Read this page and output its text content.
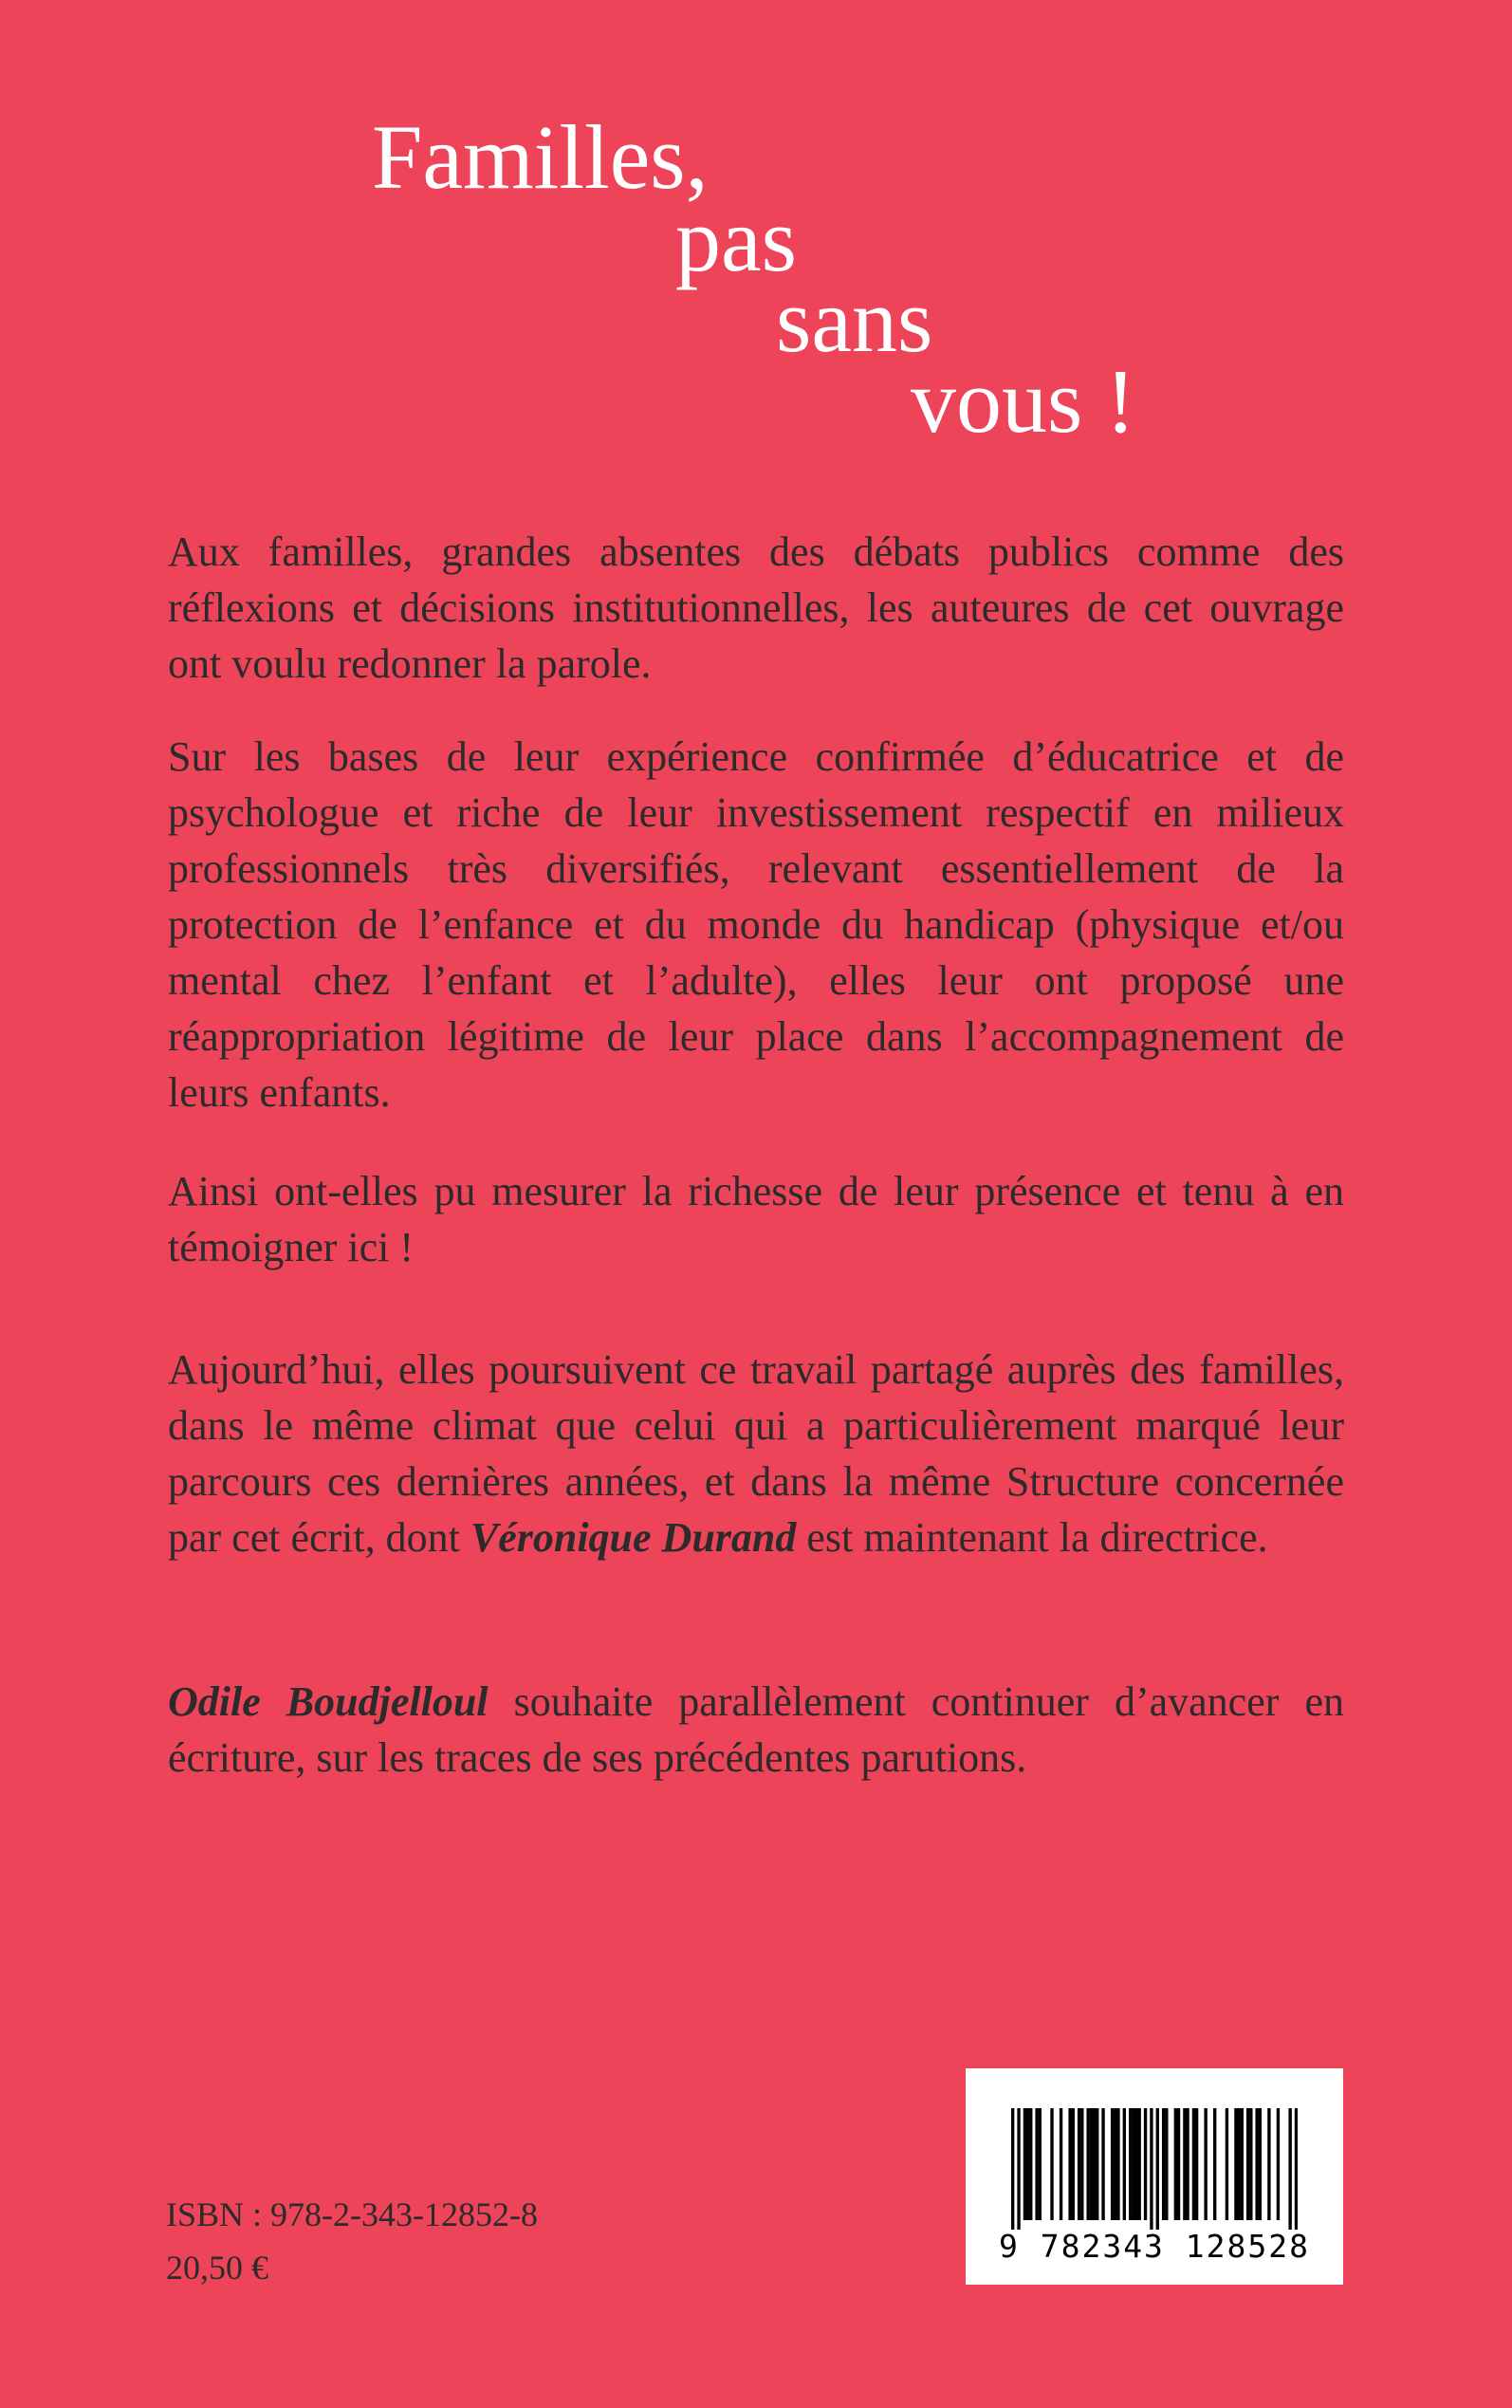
Familles,
pas
sans
vous !

Aux familles, grandes absentes des débats publics comme des réflexions et décisions institutionnelles, les auteures de cet ouvrage ont voulu redonner la parole.

Sur les bases de leur expérience confirmée d’éducatrice et de psychologue et riche de leur investissement respectif en milieux professionnels très diversifiés, relevant essentiellement de la protection de l’enfance et du monde du handicap (physique et/ou mental chez l’enfant et l’adulte), elles leur ont proposé une réappropriation légitime de leur place dans l’accompagnement de leurs enfants.

Ainsi ont-elles pu mesurer la richesse de leur présence et tenu à en témoigner ici !

Aujourd’hui, elles poursuivent ce travail partagé auprès des familles, dans le même climat que celui qui a particulièrement marqué leur parcours ces dernières années, et dans la même Structure concernée par cet écrit, dont Véronique Durand est maintenant la directrice.

Odile Boudjelloul souhaite parallèlement continuer d’avancer en écriture, sur les traces de ses précédentes parutions.

ISBN : 978-2-343-12852-8
20,50 €
9 782343 128528
